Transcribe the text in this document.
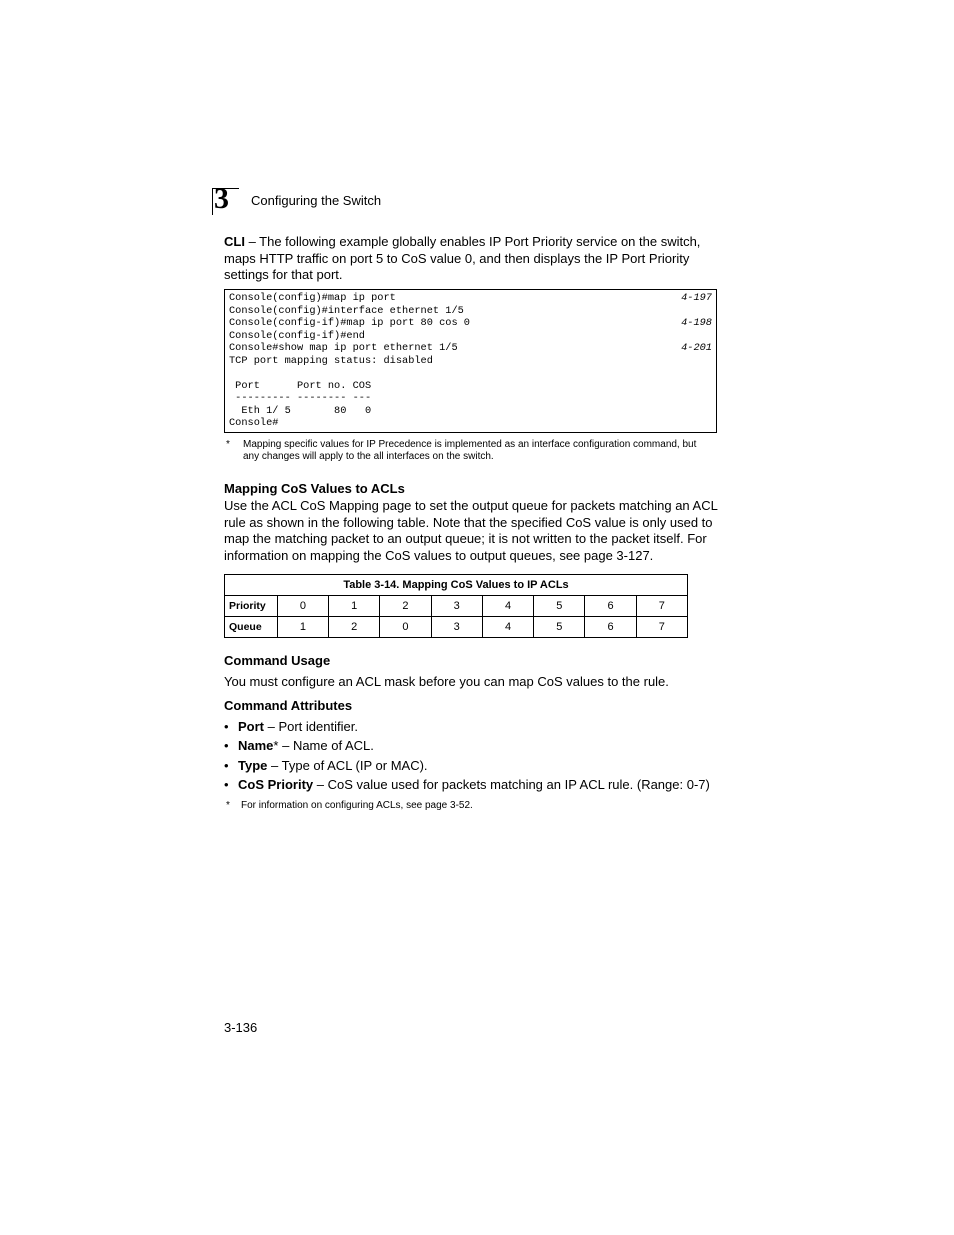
3 Configuring the Switch
CLI – The following example globally enables IP Port Priority service on the switch, maps HTTP traffic on port 5 to CoS value 0, and then displays the IP Port Priority settings for that port.
Console(config)#map ip port	4-197
Console(config)#interface ethernet 1/5
Console(config-if)#map ip port 80 cos 0	4-198
Console(config-if)#end
Console#show map ip port ethernet 1/5	4-201
TCP port mapping status: disabled
Port      Port no. COS
--------- -------- ---
Eth 1/ 5       80   0
Console#
* Mapping specific values for IP Precedence is implemented as an interface configuration command, but any changes will apply to the all interfaces on the switch.
Mapping CoS Values to ACLs
Use the ACL CoS Mapping page to set the output queue for packets matching an ACL rule as shown in the following table. Note that the specified CoS value is only used to map the matching packet to an output queue; it is not written to the packet itself. For information on mapping the CoS values to output queues, see page 3-127.
Table 3-14. Mapping CoS Values to IP ACLs								
Priority	0	1	2	3	4	5	6	7
Queue	1	2	0	3	4	5	6	7
Command Usage
You must configure an ACL mask before you can map CoS values to the rule.
Command Attributes
• Port – Port identifier.
• Name* – Name of ACL.
• Type – Type of ACL (IP or MAC).
• CoS Priority – CoS value used for packets matching an IP ACL rule. (Range: 0-7)
* For information on configuring ACLs, see page 3-52.
3-136
